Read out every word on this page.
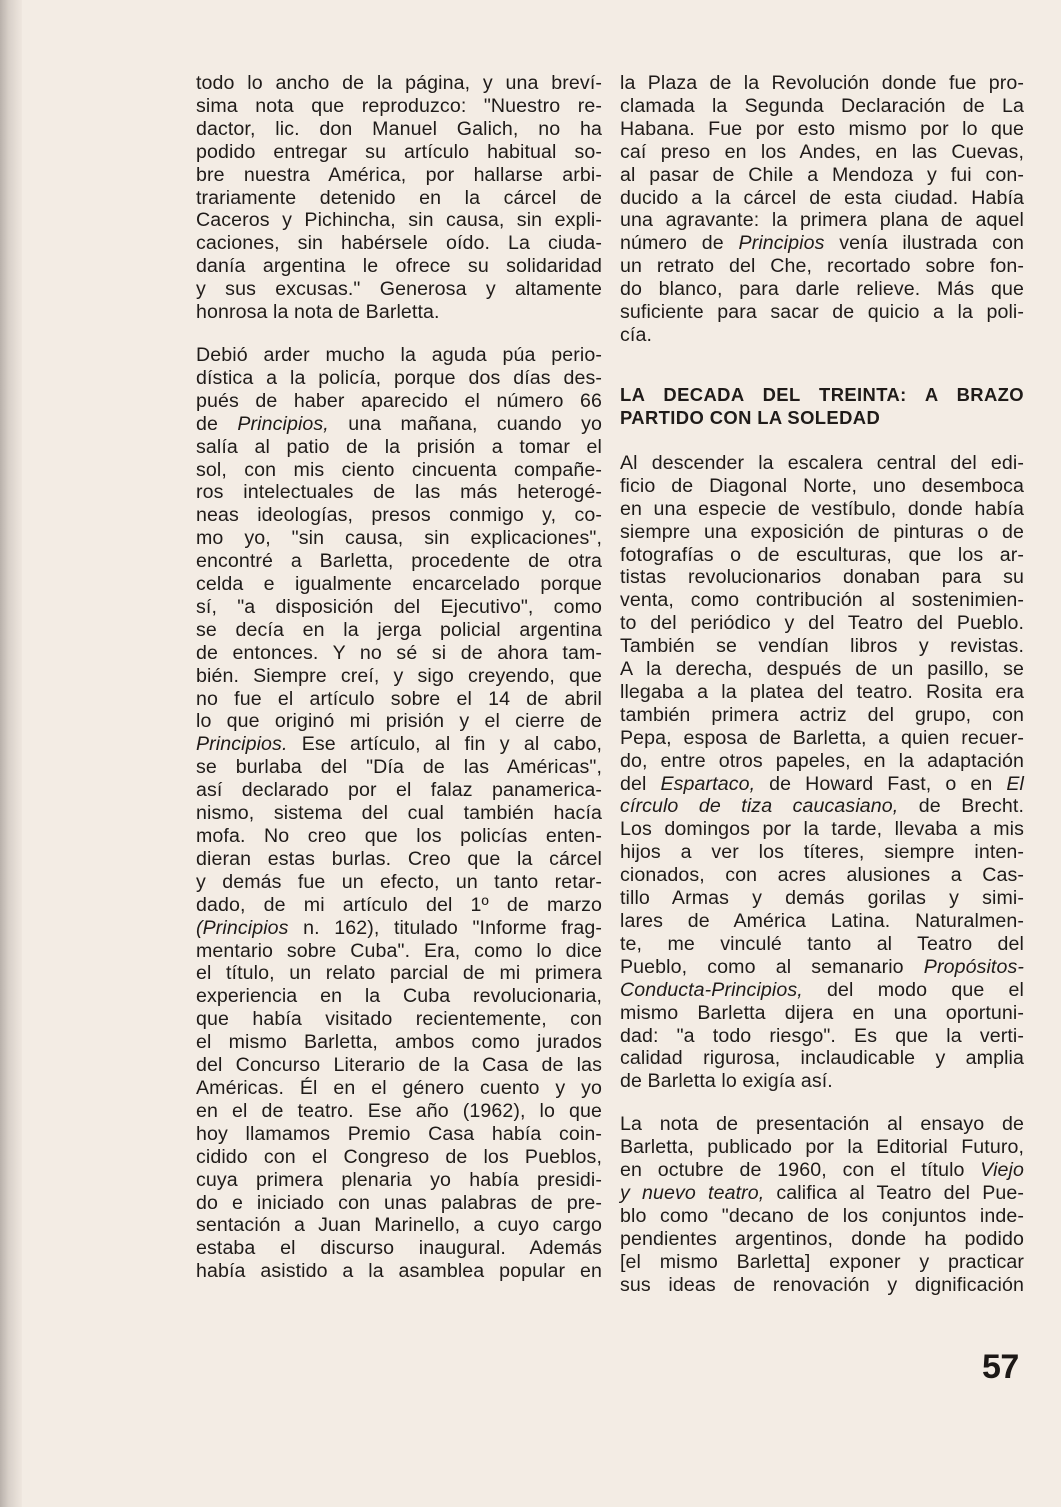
todo lo ancho de la página, y una breví-
sima nota que reproduzco: "Nuestro re-
dactor, lic. don Manuel Galich, no ha
podido entregar su artículo habitual so-
bre nuestra América, por hallarse arbi-
trariamente detenido en la cárcel de
Caceros y Pichincha, sin causa, sin expli-
caciones, sin habérsele oído. La ciuda-
danía argentina le ofrece su solidaridad
y sus excusas." Generosa y altamente
honrosa la nota de Barletta.

Debió arder mucho la aguda púa perio-
dística a la policía, porque dos días des-
pués de haber aparecido el número 66
de Principios, una mañana, cuando yo
salía al patio de la prisión a tomar el
sol, con mis ciento cincuenta compañe-
ros intelectuales de las más heterogé-
neas ideologías, presos conmigo y, co-
mo yo, "sin causa, sin explicaciones",
encontré a Barletta, procedente de otra
celda e igualmente encarcelado porque
sí, "a disposición del Ejecutivo", como
se decía en la jerga policial argentina
de entonces. Y no sé si de ahora tam-
bién. Siempre creí, y sigo creyendo, que
no fue el artículo sobre el 14 de abril
lo que originó mi prisión y el cierre de
Principios. Ese artículo, al fin y al cabo,
se burlaba del "Día de las Américas",
así declarado por el falaz panamerica-
nismo, sistema del cual también hacía
mofa. No creo que los policías enten-
dieran estas burlas. Creo que la cárcel
y demás fue un efecto, un tanto retar-
dado, de mi artículo del 1º de marzo
(Principios n. 162), titulado "Informe frag-
mentario sobre Cuba". Era, como lo dice
el título, un relato parcial de mi primera
experiencia en la Cuba revolucionaria,
que había visitado recientemente, con
el mismo Barletta, ambos como jurados
del Concurso Literario de la Casa de las
Américas. Él en el género cuento y yo
en el de teatro. Ese año (1962), lo que
hoy llamamos Premio Casa había coin-
cidido con el Congreso de los Pueblos,
cuya primera plenaria yo había presidi-
do e iniciado con unas palabras de pre-
sentación a Juan Marinello, a cuyo cargo
estaba el discurso inaugural. Además
había asistido a la asamblea popular en

la Plaza de la Revolución donde fue pro-
clamada la Segunda Declaración de La
Habana. Fue por esto mismo por lo que
caí preso en los Andes, en las Cuevas,
al pasar de Chile a Mendoza y fui con-
ducido a la cárcel de esta ciudad. Había
una agravante: la primera plana de aquel
número de Principios venía ilustrada con
un retrato del Che, recortado sobre fon-
do blanco, para darle relieve. Más que
suficiente para sacar de quicio a la poli-
cía.

LA DECADA DEL TREINTA: A BRAZO
PARTIDO CON LA SOLEDAD

Al descender la escalera central del edi-
ficio de Diagonal Norte, uno desemboca
en una especie de vestíbulo, donde había
siempre una exposición de pinturas o de
fotografías o de esculturas, que los ar-
tistas revolucionarios donaban para su
venta, como contribución al sostenimien-
to del periódico y del Teatro del Pueblo.
También se vendían libros y revistas.
A la derecha, después de un pasillo, se
llegaba a la platea del teatro. Rosita era
también primera actriz del grupo, con
Pepa, esposa de Barletta, a quien recuer-
do, entre otros papeles, en la adaptación
del Espartaco, de Howard Fast, o en El
círculo de tiza caucasiano, de Brecht.
Los domingos por la tarde, llevaba a mis
hijos a ver los títeres, siempre inten-
cionados, con acres alusiones a Cas-
tillo Armas y demás gorilas y simi-
lares de América Latina. Naturalmen-
te, me vinculé tanto al Teatro del
Pueblo, como al semanario Propósitos-
Conducta-Principios, del modo que el
mismo Barletta dijera en una oportuni-
dad: "a todo riesgo". Es que la verti-
calidad rigurosa, inclaudicable y amplia
de Barletta lo exigía así.

La nota de presentación al ensayo de
Barletta, publicado por la Editorial Futuro,
en octubre de 1960, con el título Viejo
y nuevo teatro, califica al Teatro del Pue-
blo como "decano de los conjuntos inde-
pendientes argentinos, donde ha podido
[el mismo Barletta] exponer y practicar
sus ideas de renovación y dignificación

57
